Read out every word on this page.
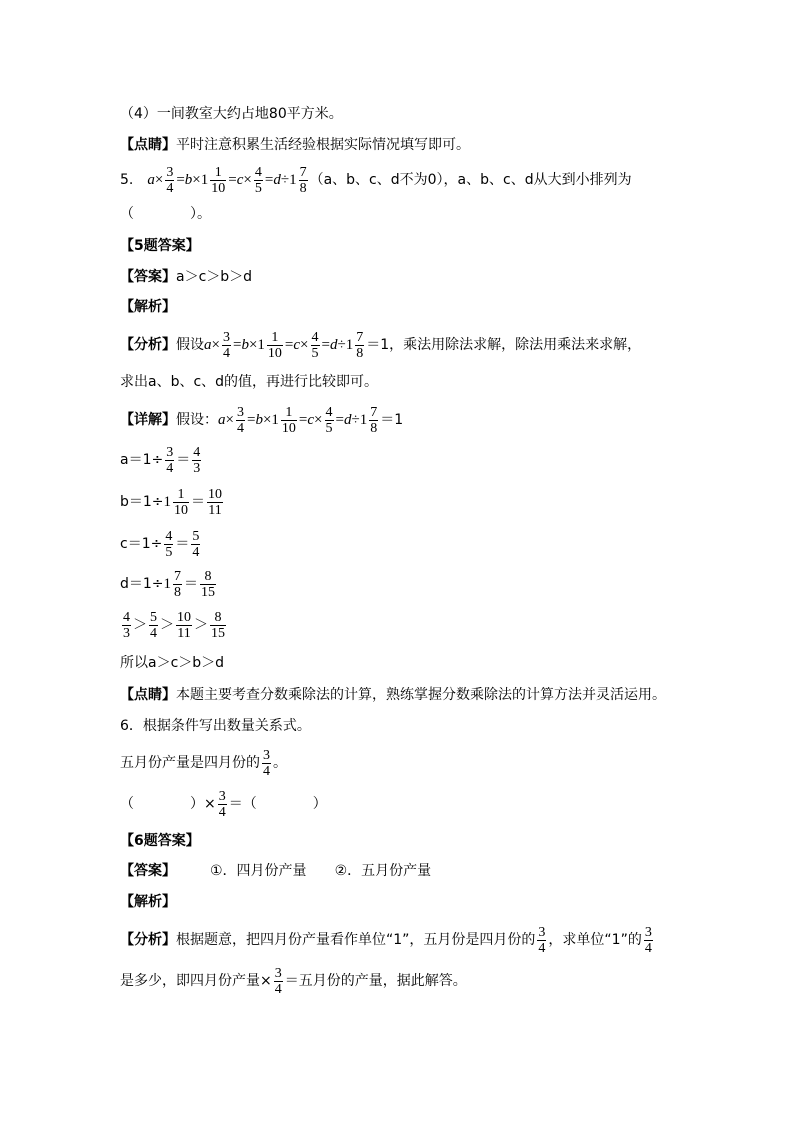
（4）一间教室大约占地80平方米。
【点睛】 平时注意积累生活经验根据实际情况填写即可。
5. $a \times \frac{3}{4} = b \times 1 \frac{1}{10} = c \times \frac{4}{5} = d \div 1 \frac{7}{8} (a$、b、c、d不为0），a、b、c、d从大到小排列为
（　　　　）。
【5题答案】
【答案】 a＞c＞b＞d
【解析】
【分析】 假设 $a \times \frac{3}{4} = b \times 1 \frac{1}{10} = c \times \frac{4}{5} = d \div 1 \frac{7}{8} =1$，乘法用除法求解，除法用乘法来求解，
求出a、b、c、d的值，再进行比较即可。
【详解】 假设： $a \times \frac{3}{4} = b \times 1 \frac{1}{10} = c \times \frac{4}{5} = d \div 1 \frac{7}{8} =1$
$a=1\div \frac{3}{4} = \frac{4}{3}$
$b=1\div 1 \frac{1}{10} = \frac{10}{11}$
$c=1\div \frac{4}{5} = \frac{5}{4}$
$d=1\div 1 \frac{7}{8} = \frac{8}{15}$
$\frac{4}{3} > \frac{5}{4} > \frac{10}{11} > \frac{8}{15}$
所以a＞c＞b＞d
【点睛】 本题主要考查分数乘除法的计算，熟练掌握分数乘除法的计算方法并灵活运用。
6．根据条件写出数量关系式。
五月份产量是四月份的 $\frac{3}{4}$ 。
（　　　　）× $\frac{3}{4}$ ＝（　　　　）
【6题答案】
【答案】 ①．四月份产量 ②．五月份产量
【解析】
【分析】 根据题意，把四月份产量看作单位“1”，五月份是四月份的 $\frac{3}{4}$ ，求单位“1”的 $\frac{3}{4}$
是多少，即四月份产量× $\frac{3}{4}$ ＝五月份的产量，据此解答。
